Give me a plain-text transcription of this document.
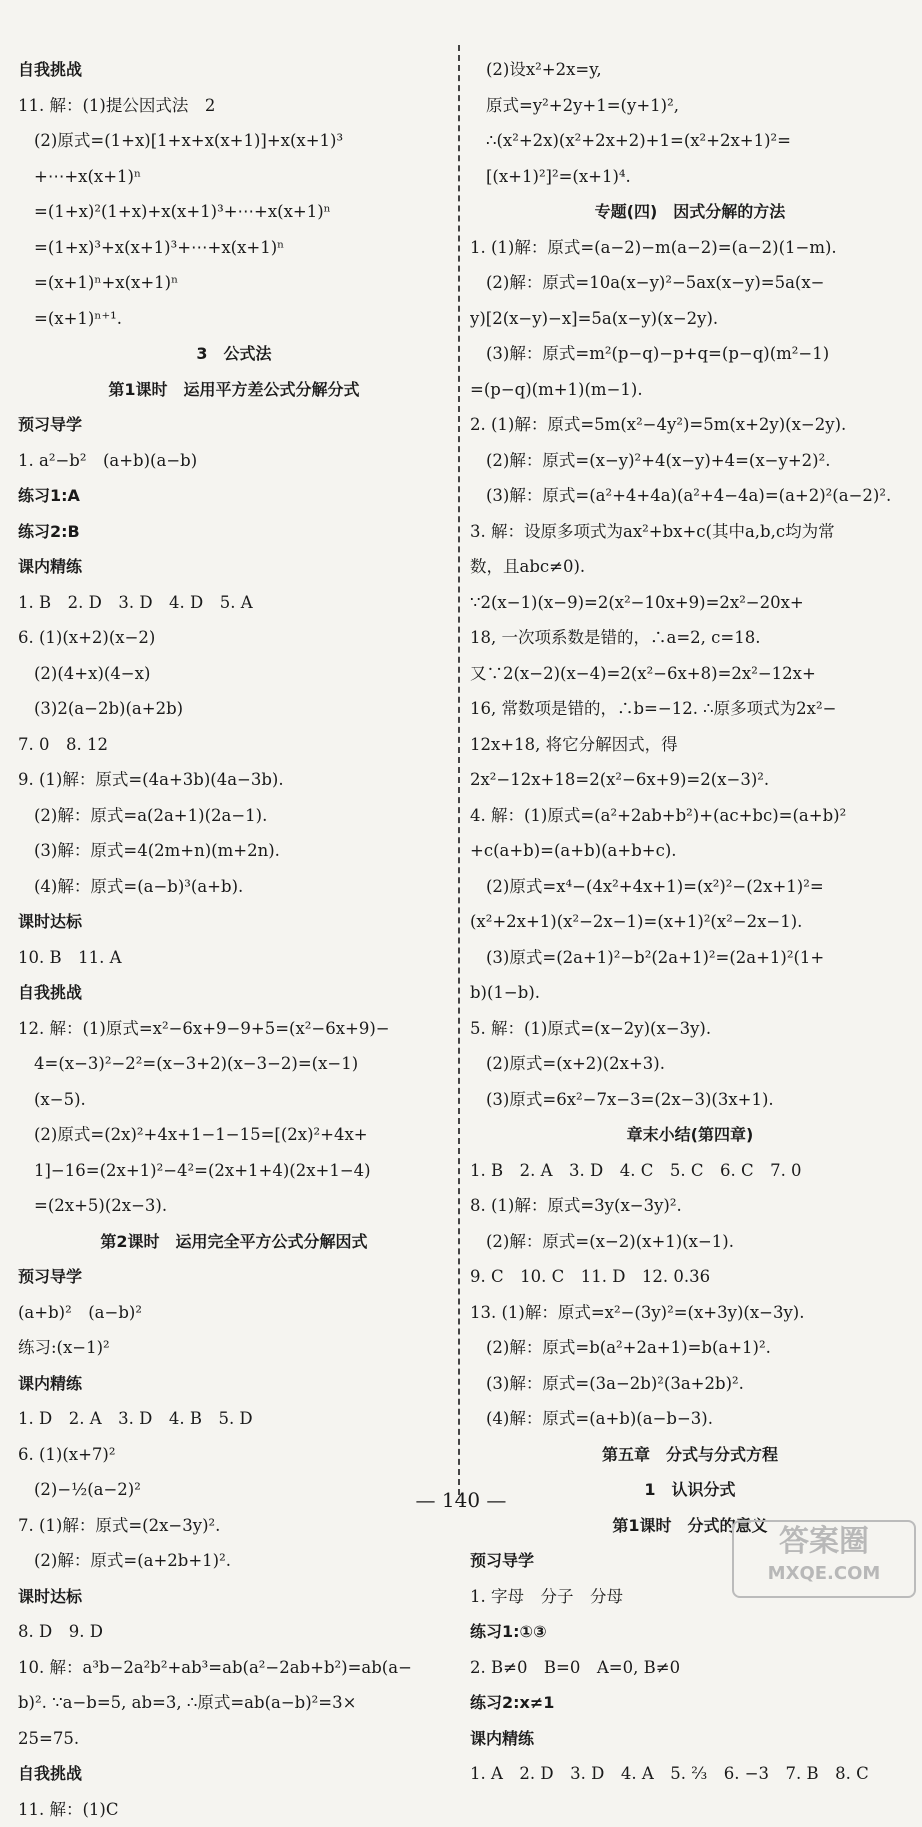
自我挑战
11. 解：(1)提公因式法　2
(2)原式=(1+x)[1+x+x(x+1)]+x(x+1)³
+⋯+x(x+1)ⁿ
=(1+x)²(1+x)+x(x+1)³+⋯+x(x+1)ⁿ
=(1+x)³+x(x+1)³+⋯+x(x+1)ⁿ
=(x+1)ⁿ+x(x+1)ⁿ
=(x+1)ⁿ⁺¹.
3　公式法
第1课时　运用平方差公式分解分式
预习导学
1. a²−b²　(a+b)(a−b)
练习1:A
练习2:B
课内精练
1. B　2. D　3. D　4. D　5. A
6. (1)(x+2)(x−2)
(2)(4+x)(4−x)
(3)2(a−2b)(a+2b)
7. 0　8. 12
9. (1)解：原式=(4a+3b)(4a−3b).
(2)解：原式=a(2a+1)(2a−1).
(3)解：原式=4(2m+n)(m+2n).
(4)解：原式=(a−b)³(a+b).
课时达标
10. B　11. A
自我挑战
12. 解：(1)原式=x²−6x+9−9+5=(x²−6x+9)−
4=(x−3)²−2²=(x−3+2)(x−3−2)=(x−1)
(x−5).
(2)原式=(2x)²+4x+1−1−15=[(2x)²+4x+
1]−16=(2x+1)²−4²=(2x+1+4)(2x+1−4)
=(2x+5)(2x−3).
第2课时　运用完全平方公式分解因式
预习导学
(a+b)²　(a−b)²
练习:(x−1)²
课内精练
1. D　2. A　3. D　4. B　5. D
6. (1)(x+7)²
(2)−½(a−2)²
7. (1)解：原式=(2x−3y)².
(2)解：原式=(a+2b+1)².
课时达标
8. D　9. D
10. 解：a³b−2a²b²+ab³=ab(a²−2ab+b²)=ab(a−
b)². ∵a−b=5, ab=3, ∴原式=ab(a−b)²=3×
25=75.
自我挑战
11. 解：(1)C
(2)设x²+2x=y,
原式=y²+2y+1=(y+1)²,
∴(x²+2x)(x²+2x+2)+1=(x²+2x+1)²=
[(x+1)²]²=(x+1)⁴.
专题(四)　因式分解的方法
1. (1)解：原式=(a−2)−m(a−2)=(a−2)(1−m).
(2)解：原式=10a(x−y)²−5ax(x−y)=5a(x−
y)[2(x−y)−x]=5a(x−y)(x−2y).
(3)解：原式=m²(p−q)−p+q=(p−q)(m²−1)
=(p−q)(m+1)(m−1).
2. (1)解：原式=5m(x²−4y²)=5m(x+2y)(x−2y).
(2)解：原式=(x−y)²+4(x−y)+4=(x−y+2)².
(3)解：原式=(a²+4+4a)(a²+4−4a)=(a+2)²(a−2)².
3. 解：设原多项式为ax²+bx+c(其中a,b,c均为常
数，且abc≠0).
∵2(x−1)(x−9)=2(x²−10x+9)=2x²−20x+
18, 一次项系数是错的，∴a=2, c=18.
又∵2(x−2)(x−4)=2(x²−6x+8)=2x²−12x+
16, 常数项是错的，∴b=−12. ∴原多项式为2x²−
12x+18, 将它分解因式，得
2x²−12x+18=2(x²−6x+9)=2(x−3)².
4. 解：(1)原式=(a²+2ab+b²)+(ac+bc)=(a+b)²
+c(a+b)=(a+b)(a+b+c).
(2)原式=x⁴−(4x²+4x+1)=(x²)²−(2x+1)²=
(x²+2x+1)(x²−2x−1)=(x+1)²(x²−2x−1).
(3)原式=(2a+1)²−b²(2a+1)²=(2a+1)²(1+
b)(1−b).
5. 解：(1)原式=(x−2y)(x−3y).
(2)原式=(x+2)(2x+3).
(3)原式=6x²−7x−3=(2x−3)(3x+1).
章末小结(第四章)
1. B　2. A　3. D　4. C　5. C　6. C　7. 0
8. (1)解：原式=3y(x−3y)².
(2)解：原式=(x−2)(x+1)(x−1).
9. C　10. C　11. D　12. 0.36
13. (1)解：原式=x²−(3y)²=(x+3y)(x−3y).
(2)解：原式=b(a²+2a+1)=b(a+1)².
(3)解：原式=(3a−2b)²(3a+2b)².
(4)解：原式=(a+b)(a−b−3).
第五章　分式与分式方程
1　认识分式
第1课时　分式的意义
预习导学
1. 字母　分子　分母
练习1:①③
2. B≠0　B=0　A=0, B≠0
练习2:x≠1
课内精练
1. A　2. D　3. D　4. A　5. ⅔　6. −3　7. B　8. C
— 140 —
答案圈
MXQE.COM
